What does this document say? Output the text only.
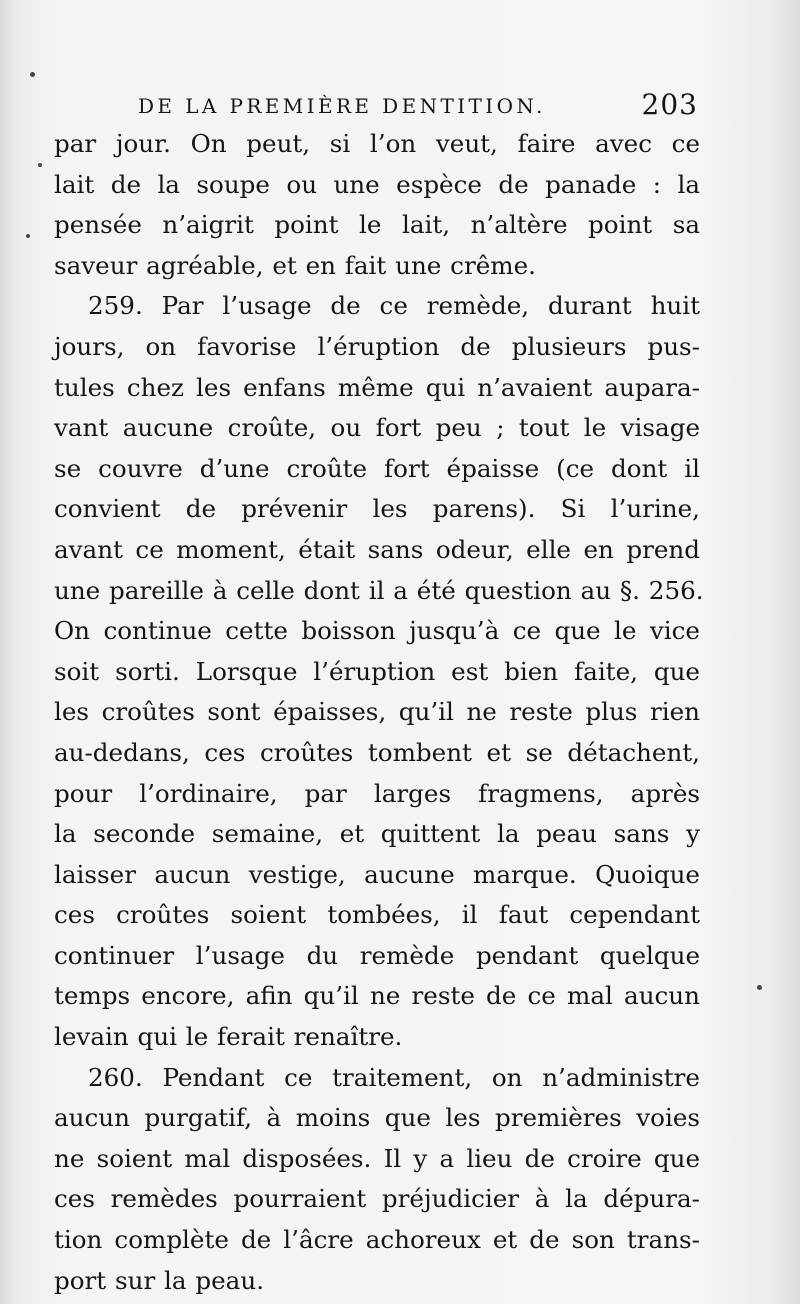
DE LA PREMIÈRE DENTITION.	203
par jour. On peut, si l’on veut, faire avec ce
lait de la soupe ou une espèce de panade : la
pensée n’aigrit point le lait, n’altère point sa
saveur agréable, et en fait une crême.
259. Par l’usage de ce remède, durant huit
jours, on favorise l’éruption de plusieurs pus-
tules chez les enfans même qui n’avaient aupara-
vant aucune croûte, ou fort peu ; tout le visage
se couvre d’une croûte fort épaisse (ce dont il
convient de prévenir les parens). Si l’urine,
avant ce moment, était sans odeur, elle en prend
une pareille à celle dont il a été question au §. 256.
On continue cette boisson jusqu’à ce que le vice
soit sorti. Lorsque l’éruption est bien faite, que
les croûtes sont épaisses, qu’il ne reste plus rien
au-dedans, ces croûtes tombent et se détachent,
pour l’ordinaire, par larges fragmens, après
la seconde semaine, et quittent la peau sans y
laisser aucun vestige, aucune marque. Quoique
ces croûtes soient tombées, il faut cependant
continuer l’usage du remède pendant quelque
temps encore, afin qu’il ne reste de ce mal aucun
levain qui le ferait renaître.
260. Pendant ce traitement, on n’administre
aucun purgatif, à moins que les premières voies
ne soient mal disposées. Il y a lieu de croire que
ces remèdes pourraient préjudicier à la dépura-
tion complète de l’âcre achoreux et de son trans-
port sur la peau.
